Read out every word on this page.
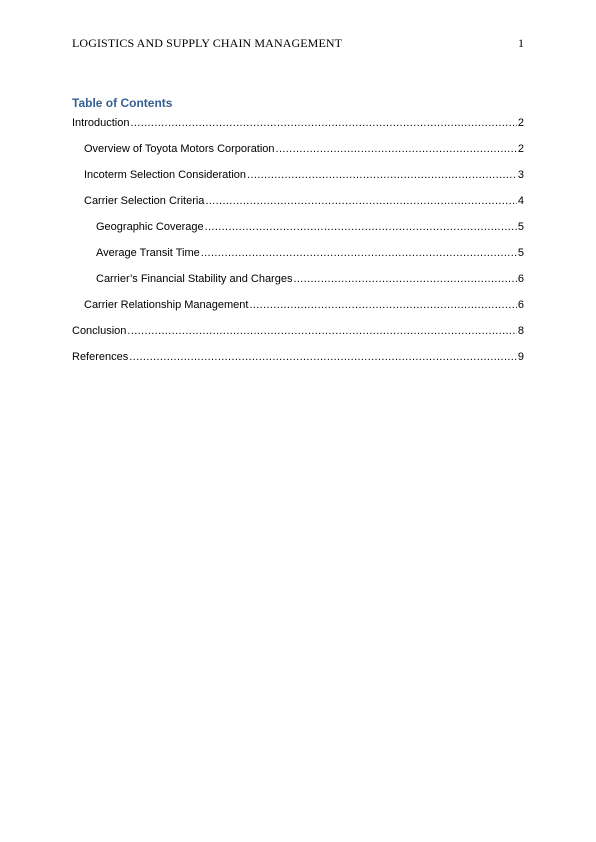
LOGISTICS AND SUPPLY CHAIN MANAGEMENT	1
Table of Contents
Introduction .....	2
Overview of Toyota Motors Corporation .....	2
Incoterm Selection Consideration .....	3
Carrier Selection Criteria .....	4
Geographic Coverage .....	5
Average Transit Time .....	5
Carrier’s Financial Stability and Charges .....	6
Carrier Relationship Management .....	6
Conclusion .....	8
References .....	9
